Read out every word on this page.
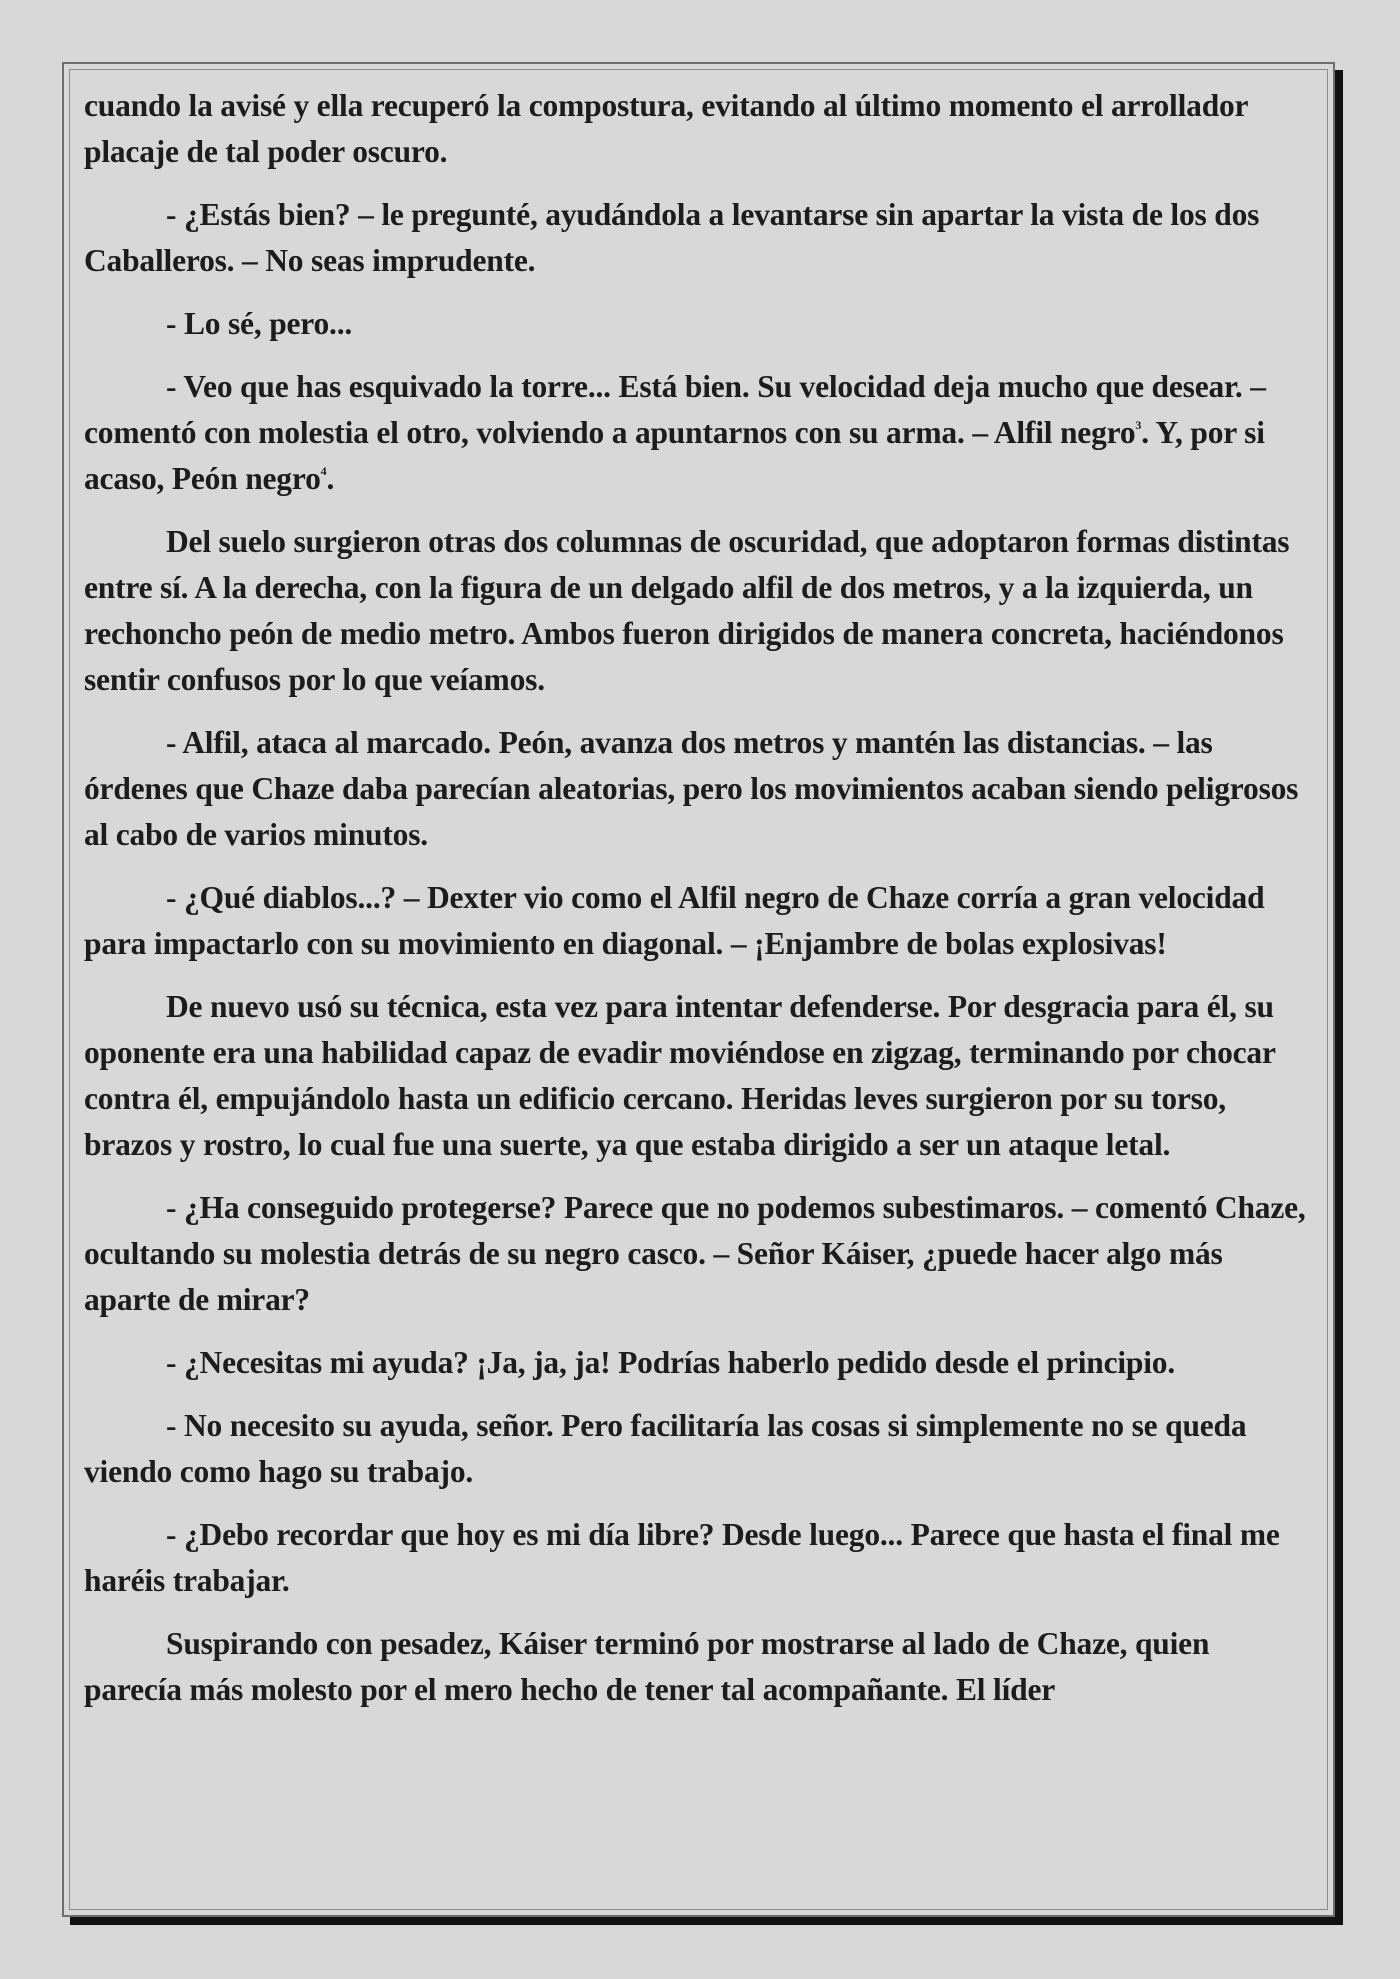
cuando la avisé y ella recuperó la compostura, evitando al último momento el arrollador placaje de tal poder oscuro.

- ¿Estás bien? – le pregunté, ayudándola a levantarse sin apartar la vista de los dos Caballeros. – No seas imprudente.

- Lo sé, pero...

- Veo que has esquivado la torre... Está bien. Su velocidad deja mucho que desear. – comentó con molestia el otro, volviendo a apuntarnos con su arma. – Alfil negro$^3$. Y, por si acaso, Peón negro$^4$.

Del suelo surgieron otras dos columnas de oscuridad, que adoptaron formas distintas entre sí. A la derecha, con la figura de un delgado alfil de dos metros, y a la izquierda, un rechoncho peón de medio metro. Ambos fueron dirigidos de manera concreta, haciéndonos sentir confusos por lo que veíamos.

- Alfil, ataca al marcado. Peón, avanza dos metros y mantén las distancias. – las órdenes que Chaze daba parecían aleatorias, pero los movimientos acaban siendo peligrosos al cabo de varios minutos.

- ¿Qué diablos...? – Dexter vio como el Alfil negro de Chaze corría a gran velocidad para impactarlo con su movimiento en diagonal. – ¡Enjambre de bolas explosivas!

De nuevo usó su técnica, esta vez para intentar defenderse. Por desgracia para él, su oponente era una habilidad capaz de evadir moviéndose en zigzag, terminando por chocar contra él, empujándolo hasta un edificio cercano. Heridas leves surgieron por su torso, brazos y rostro, lo cual fue una suerte, ya que estaba dirigido a ser un ataque letal.

- ¿Ha conseguido protegerse? Parece que no podemos subestimaros. – comentó Chaze, ocultando su molestia detrás de su negro casco. – Señor Káiser, ¿puede hacer algo más aparte de mirar?

- ¿Necesitas mi ayuda? ¡Ja, ja, ja! Podrías haberlo pedido desde el principio.

- No necesito su ayuda, señor. Pero facilitaría las cosas si simplemente no se queda viendo como hago su trabajo.

- ¿Debo recordar que hoy es mi día libre? Desde luego... Parece que hasta el final me haréis trabajar.

Suspirando con pesadez, Káiser terminó por mostrarse al lado de Chaze, quien parecía más molesto por el mero hecho de tener tal acompañante. El líder
